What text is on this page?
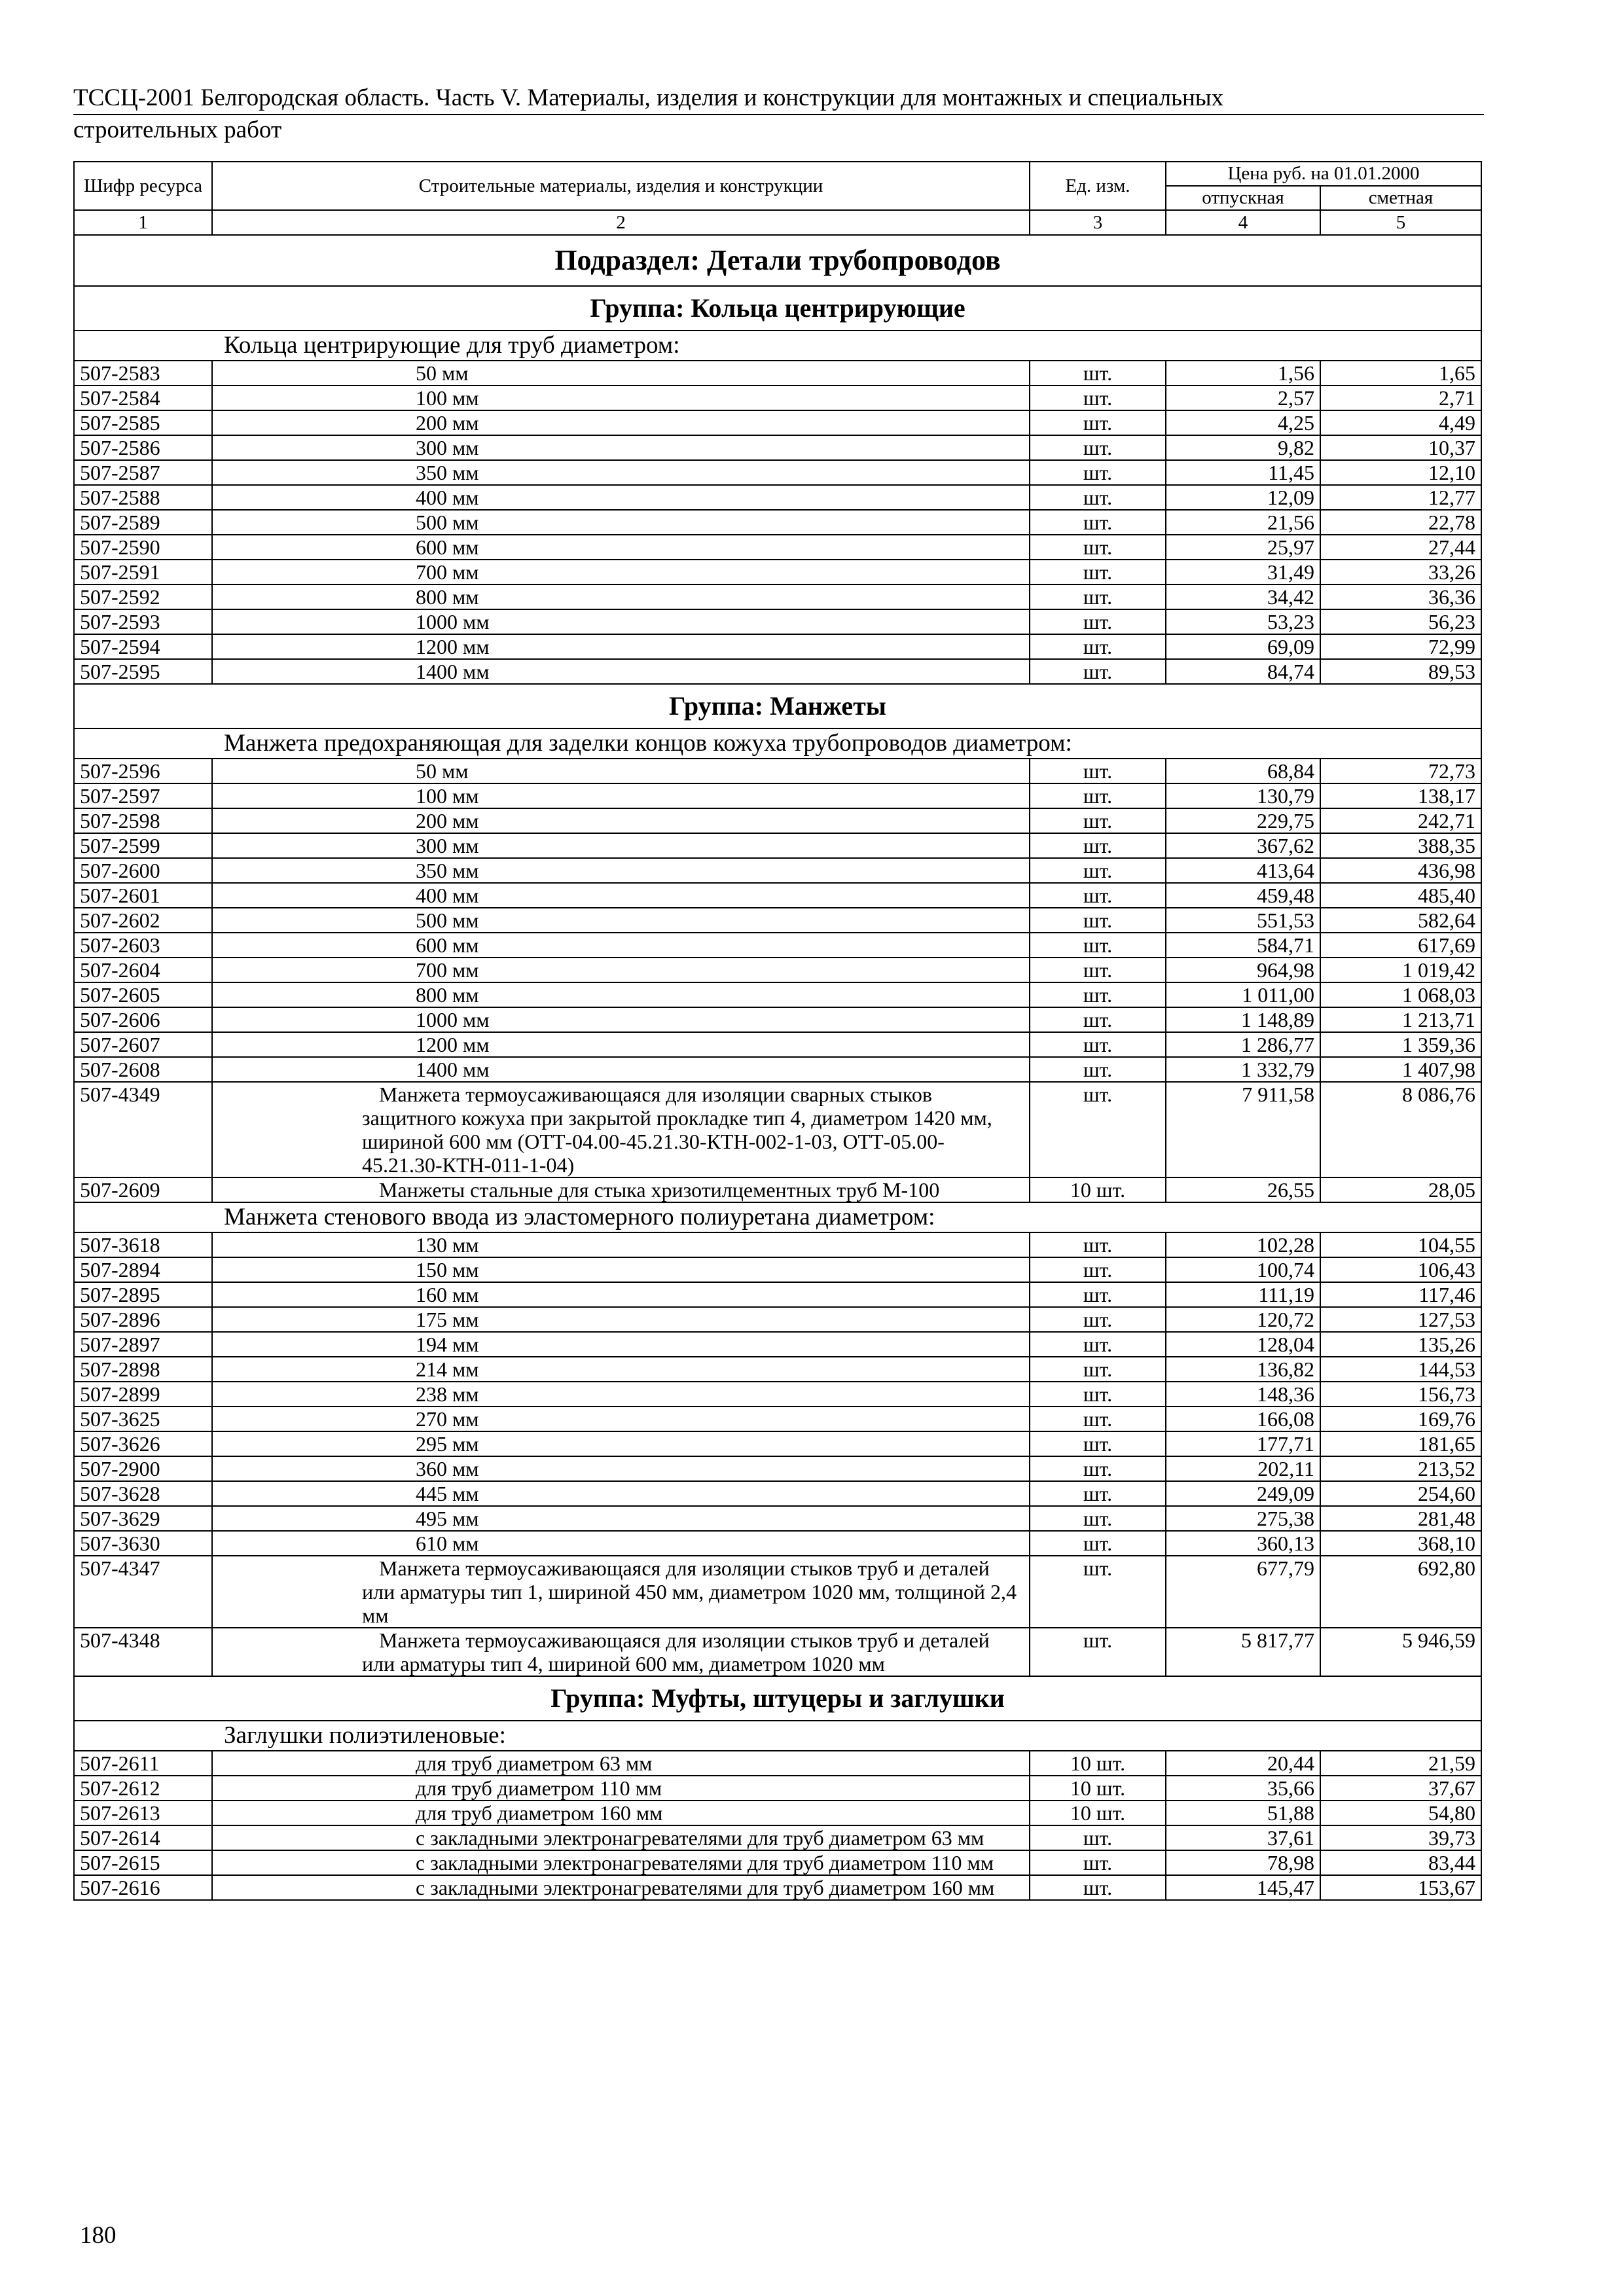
ТССЦ-2001 Белгородская область. Часть V. Материалы, изделия и конструкции для монтажных и специальных
строительных работ
Шифр ресурса	Строительные материалы, изделия и конструкции	Ед. изм.	Цена руб. на 01.01.2000	
			отпускная	сметная
1	2	3	4	5
Подраздел: Детали трубопроводов				
Группа: Кольца центрирующие				
Кольца центрирующие для труб диаметром:				
507-2583	50 мм	шт.	1,56	1,65
507-2584	100 мм	шт.	2,57	2,71
507-2585	200 мм	шт.	4,25	4,49
507-2586	300 мм	шт.	9,82	10,37
507-2587	350 мм	шт.	11,45	12,10
507-2588	400 мм	шт.	12,09	12,77
507-2589	500 мм	шт.	21,56	22,78
507-2590	600 мм	шт.	25,97	27,44
507-2591	700 мм	шт.	31,49	33,26
507-2592	800 мм	шт.	34,42	36,36
507-2593	1000 мм	шт.	53,23	56,23
507-2594	1200 мм	шт.	69,09	72,99
507-2595	1400 мм	шт.	84,74	89,53
Группа: Манжеты				
Манжета предохраняющая для заделки концов кожуха трубопроводов диаметром:				
507-2596	50 мм	шт.	68,84	72,73
507-2597	100 мм	шт.	130,79	138,17
507-2598	200 мм	шт.	229,75	242,71
507-2599	300 мм	шт.	367,62	388,35
507-2600	350 мм	шт.	413,64	436,98
507-2601	400 мм	шт.	459,48	485,40
507-2602	500 мм	шт.	551,53	582,64
507-2603	600 мм	шт.	584,71	617,69
507-2604	700 мм	шт.	964,98	1 019,42
507-2605	800 мм	шт.	1 011,00	1 068,03
507-2606	1000 мм	шт.	1 148,89	1 213,71
507-2607	1200 мм	шт.	1 286,77	1 359,36
507-2608	1400 мм	шт.	1 332,79	1 407,98
507-4349	Манжета термоусаживающаяся для изоляции сварных стыков защитного кожуха при закрытой прокладке тип 4, диаметром 1420 мм, шириной 600 мм (ОТТ-04.00-45.21.30-КТН-002-1-03, ОТТ-05.00-45.21.30-КТН-011-1-04)	шт.	7 911,58	8 086,76
507-2609	Манжеты стальные для стыка хризотилцементных труб М-100	10 шт.	26,55	28,05
Манжета стенового ввода из эластомерного полиуретана диаметром:				
507-3618	130 мм	шт.	102,28	104,55
507-2894	150 мм	шт.	100,74	106,43
507-2895	160 мм	шт.	111,19	117,46
507-2896	175 мм	шт.	120,72	127,53
507-2897	194 мм	шт.	128,04	135,26
507-2898	214 мм	шт.	136,82	144,53
507-2899	238 мм	шт.	148,36	156,73
507-3625	270 мм	шт.	166,08	169,76
507-3626	295 мм	шт.	177,71	181,65
507-2900	360 мм	шт.	202,11	213,52
507-3628	445 мм	шт.	249,09	254,60
507-3629	495 мм	шт.	275,38	281,48
507-3630	610 мм	шт.	360,13	368,10
507-4347	Манжета термоусаживающаяся для изоляции стыков труб и деталей или арматуры тип 1, шириной 450 мм, диаметром 1020 мм, толщиной 2,4 мм	шт.	677,79	692,80
507-4348	Манжета термоусаживающаяся для изоляции стыков труб и деталей или арматуры тип 4, шириной 600 мм, диаметром 1020 мм	шт.	5 817,77	5 946,59
Группа: Муфты, штуцеры и заглушки				
Заглушки полиэтиленовые:				
507-2611	для труб диаметром 63 мм	10 шт.	20,44	21,59
507-2612	для труб диаметром 110 мм	10 шт.	35,66	37,67
507-2613	для труб диаметром 160 мм	10 шт.	51,88	54,80
507-2614	с закладными электронагревателями для труб диаметром 63 мм	шт.	37,61	39,73
507-2615	с закладными электронагревателями для труб диаметром 110 мм	шт.	78,98	83,44
507-2616	с закладными электронагревателями для труб диаметром 160 мм	шт.	145,47	153,67
180
